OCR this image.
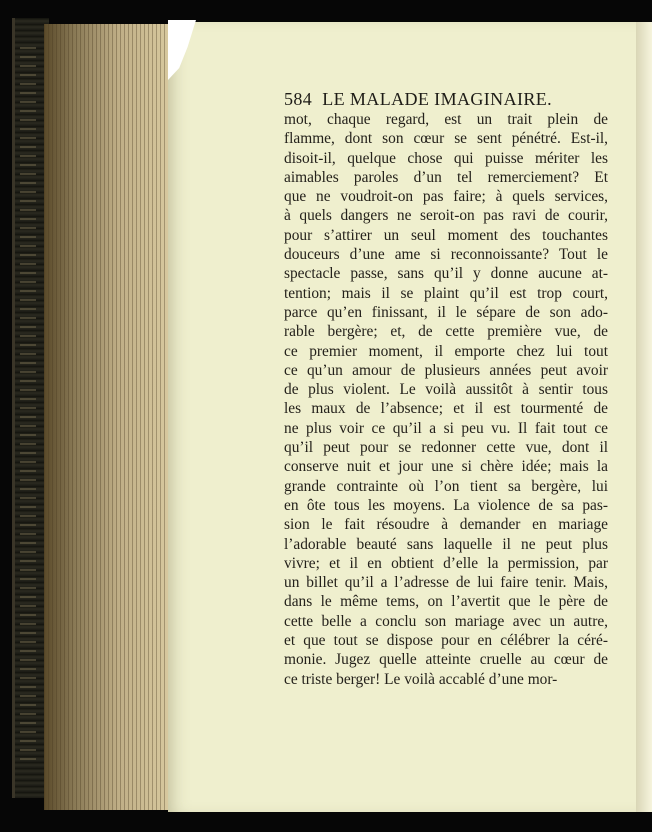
584 LE MALADE IMAGINAIRE.
mot, chaque regard, est un trait plein de
flamme, dont son cœur se sent pénétré. Est-il,
disoit-il, quelque chose qui puisse mériter les
aimables paroles d’un tel remerciement? Et
que ne voudroit-on pas faire; à quels services,
à quels dangers ne seroit-on pas ravi de courir,
pour s’attirer un seul moment des touchantes
douceurs d’une ame si reconnoissante? Tout le
spectacle passe, sans qu’il y donne aucune at-
tention; mais il se plaint qu’il est trop court,
parce qu’en finissant, il le sépare de son ado-
rable bergère; et, de cette première vue, de
ce premier moment, il emporte chez lui tout
ce qu’un amour de plusieurs années peut avoir
de plus violent. Le voilà aussitôt à sentir tous
les maux de l’absence; et il est tourmenté de
ne plus voir ce qu’il a si peu vu. Il fait tout ce
qu’il peut pour se redonner cette vue, dont il
conserve nuit et jour une si chère idée; mais la
grande contrainte où l’on tient sa bergère, lui
en ôte tous les moyens. La violence de sa pas-
sion le fait résoudre à demander en mariage
l’adorable beauté sans laquelle il ne peut plus
vivre; et il en obtient d’elle la permission, par
un billet qu’il a l’adresse de lui faire tenir. Mais,
dans le même tems, on l’avertit que le père de
cette belle a conclu son mariage avec un autre,
et que tout se dispose pour en célébrer la céré-
monie. Jugez quelle atteinte cruelle au cœur de
ce triste berger! Le voilà accablé d’une mor-
